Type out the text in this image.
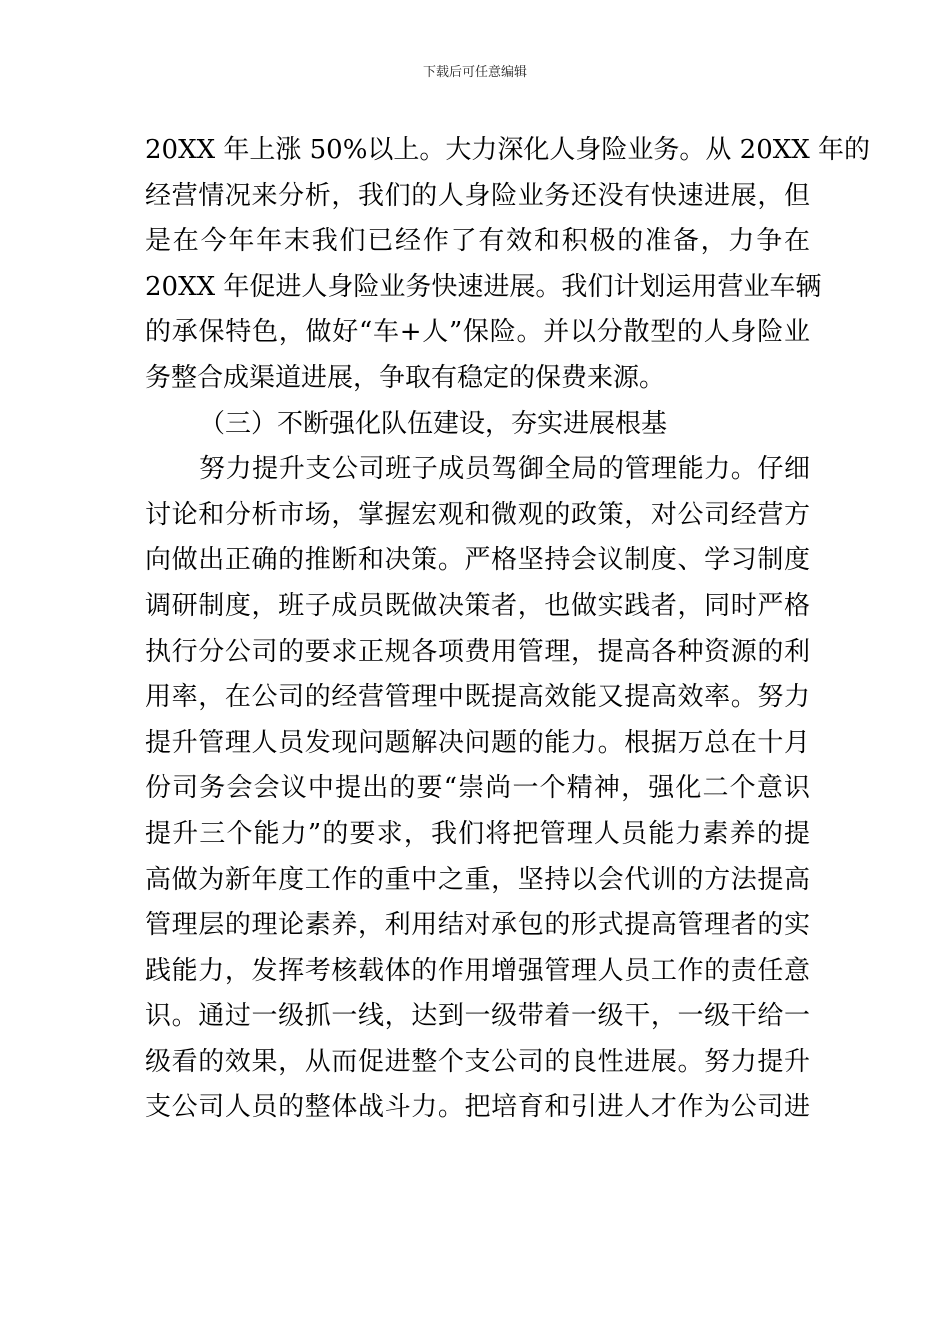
下载后可任意编辑
20XX 年上涨 50%以上。大力深化人身险业务。从 20XX 年的
经营情况来分析，我们的人身险业务还没有快速进展，但
是在今年年末我们已经作了有效和积极的准备，力争在
20XX 年促进人身险业务快速进展。我们计划运用营业车辆
的承保特色，做好“车+人”保险。并以分散型的人身险业
务整合成渠道进展，争取有稳定的保费来源。
（三）不断强化队伍建设，夯实进展根基
努力提升支公司班子成员驾御全局的管理能力。仔细
讨论和分析市场，掌握宏观和微观的政策，对公司经营方
向做出正确的推断和决策。严格坚持会议制度、学习制度
调研制度，班子成员既做决策者，也做实践者，同时严格
执行分公司的要求正规各项费用管理，提高各种资源的利
用率，在公司的经营管理中既提高效能又提高效率。努力
提升管理人员发现问题解决问题的能力。根据万总在十月
份司务会会议中提出的要“崇尚一个精神，强化二个意识
提升三个能力”的要求，我们将把管理人员能力素养的提
高做为新年度工作的重中之重，坚持以会代训的方法提高
管理层的理论素养，利用结对承包的形式提高管理者的实
践能力，发挥考核载体的作用增强管理人员工作的责任意
识。通过一级抓一线，达到一级带着一级干，一级干给一
级看的效果，从而促进整个支公司的良性进展。努力提升
支公司人员的整体战斗力。把培育和引进人才作为公司进
